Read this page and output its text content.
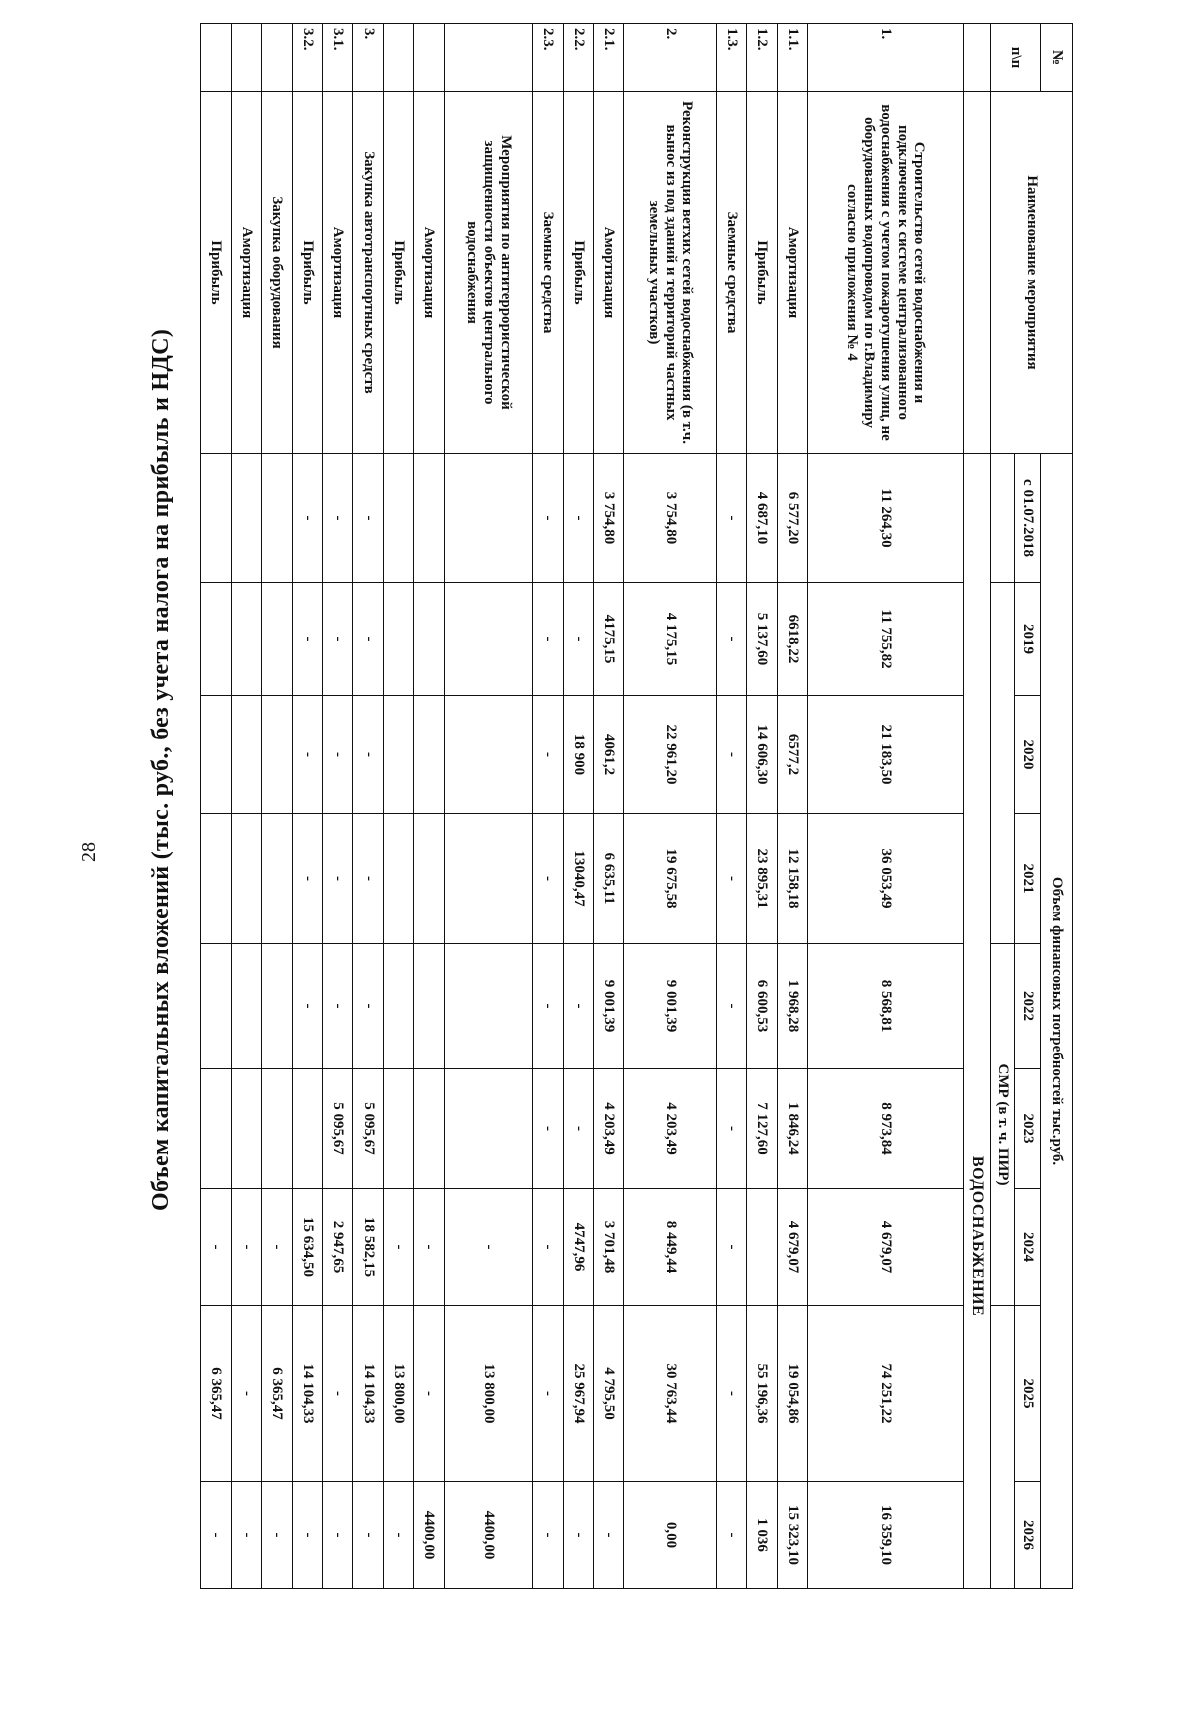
28 Объем капитальных вложений (тыс. руб., без учета налога на прибыль и НДС)
№	Наименование мероприятия	Объем финансовых потребностей тыс.руб.								
п\п		с 01.07.2018	2019	2020	2021	2022	2023	2024	2025	2026
						СМР (в т. ч. ПИР)				
		ВОДОСНАБЖЕНИЕ								
1.	Строительство сетей водоснабжения и подключение к системе централизованного водоснабжения с учетом пожаротушения улиц, не оборудованных водопроводом по г.Владимиру согласно приложения № 4	11 264,30	11 755,82	21 183,50	36 053,49	8 568,81	8 973,84	4 679,07	74 251,22	16 359,10
1.1.	Амортизация	6 577,20	6618,22	6577,2	12 158,18	1 968,28	1 846,24	4 679,07	19 054,86	15 323,10
1.2.	Прибыль	4 687,10	5 137,60	14 606,30	23 895,31	6 600,53	7 127,60		55 196,36	1 036
1.3.	Заемные средства	-	-	-	-	-	-	-	-	-
2.	Реконструкция ветхих сетей водоснабжения (в т.ч. вынос из под зданий и территорий частных земельных участков)	3 754,80	4 175,15	22 961,20	19 675,58	9 001,39	4 203,49	8 449,44	30 763,44	0,00
2.1.	Амортизация	3 754,80	4175,15	4061,2	6 635,11	9 001,39	4 203,49	3 701,48	4 795,50	-
2.2.	Прибыль	-	-	18 900	13040,47	-	-	4747,96	25 967,94	-
2.3.	Заемные средства	-	-	-	-	-	-	-	-	-
	Мероприятия по антитеррористической защищенности объектов центрального водоснабжения							-	13 800,00	4400,00
	Амортизация							-	-	4400,00
	Прибыль							-	13 800,00	-
3.	Закупка автотранспортных средств	-	-	-	-	-	5 095,67	18 582,15	14 104,33	-
3.1.	Амортизация	-	-	-	-	-	5 095,67	2 947,65	-	-
3.2.	Прибыль	-	-	-	-	-		15 634,50	14 104,33	-
	Закупка оборудования							-	6 365,47	-
	Амортизация							-	-	-
	Прибыль							-	6 365,47	-
